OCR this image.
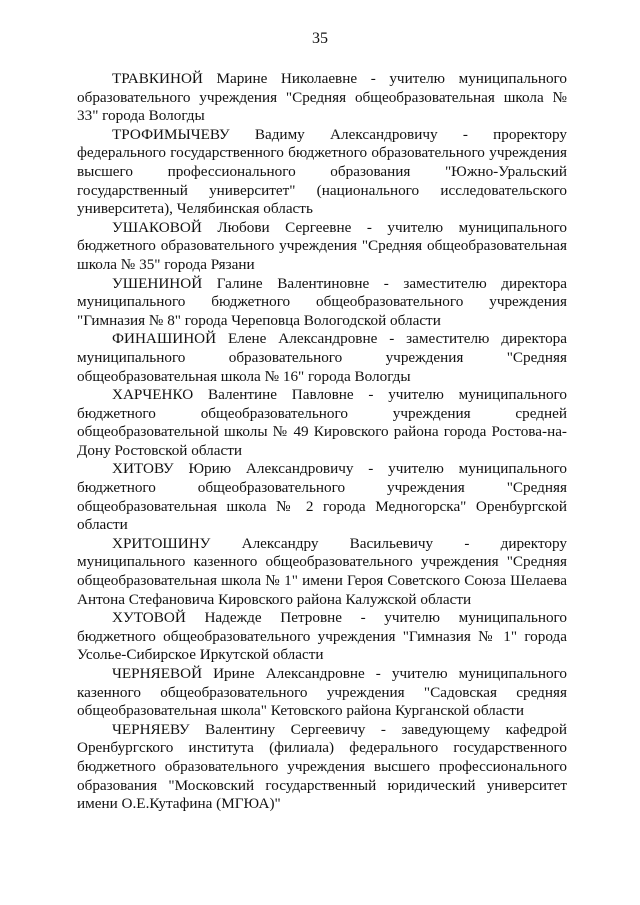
35

ТРАВКИНОЙ Марине Николаевне - учителю муниципального образовательного учреждения "Средняя общеобразовательная школа № 33" города Вологды

ТРОФИМЫЧЕВУ Вадиму Александровичу - проректору федерального государственного бюджетного образовательного учреждения высшего профессионального образования "Южно-Уральский государственный университет" (национального исследовательского университета), Челябинская область

УШАКОВОЙ Любови Сергеевне - учителю муниципального бюджетного образовательного учреждения "Средняя общеобразовательная школа № 35" города Рязани

УШЕНИНОЙ Галине Валентиновне - заместителю директора муниципального бюджетного общеобразовательного учреждения "Гимназия № 8" города Череповца Вологодской области

ФИНАШИНОЙ Елене Александровне - заместителю директора муниципального образовательного учреждения "Средняя общеобразовательная школа № 16" города Вологды

ХАРЧЕНКО Валентине Павловне - учителю муниципального бюджетного общеобразовательного учреждения средней общеобразовательной школы № 49 Кировского района города Ростова-на-Дону Ростовской области

ХИТОВУ Юрию Александровичу - учителю муниципального бюджетного общеобразовательного учреждения "Средняя общеобразовательная школа № 2 города Медногорска" Оренбургской области

ХРИТОШИНУ Александру Васильевичу - директору муниципального казенного общеобразовательного учреждения "Средняя общеобразовательная школа № 1" имени Героя Советского Союза Шелаева Антона Стефановича Кировского района Калужской области

ХУТОВОЙ Надежде Петровне - учителю муниципального бюджетного общеобразовательного учреждения "Гимназия № 1" города Усолье-Сибирское Иркутской области

ЧЕРНЯЕВОЙ Ирине Александровне - учителю муниципального казенного общеобразовательного учреждения "Садовская средняя общеобразовательная школа" Кетовского района Курганской области

ЧЕРНЯЕВУ Валентину Сергеевичу - заведующему кафедрой Оренбургского института (филиала) федерального государственного бюджетного образовательного учреждения высшего профессионального образования "Московский государственный юридический университет имени О.Е.Кутафина (МГЮА)"
